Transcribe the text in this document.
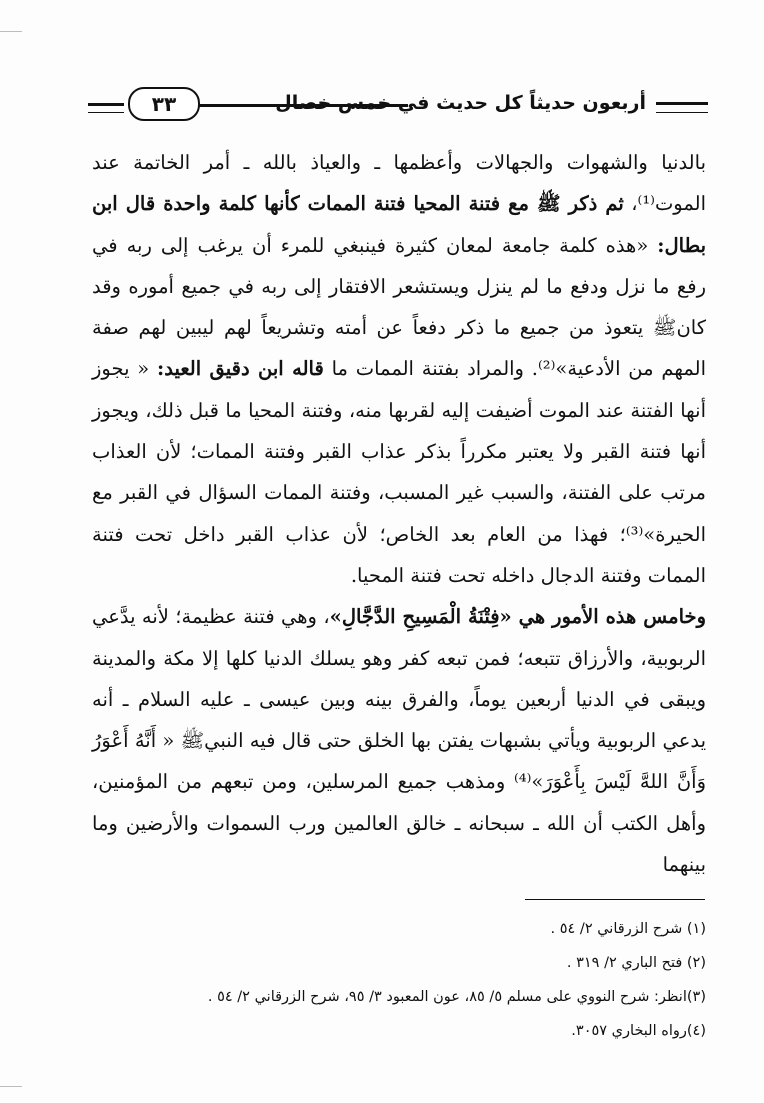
أربعون حديثاً كل حديث في خمس خصال
٣٣

بالدنيا والشهوات والجهالات وأعظمها ـ والعياذ بالله ـ أمر الخاتمة عند الموت⁽¹⁾، ثم ذكر ﷺ مع فتنة المحيا فتنة الممات كأنها كلمة واحدة قال ابن بطال: «هذه كلمة جامعة لمعان كثيرة فينبغي للمرء أن يرغب إلى ربه في رفع ما نزل ودفع ما لم ينزل ويستشعر الافتقار إلى ربه في جميع أموره وقد كانﷺ يتعوذ من جميع ما ذكر دفعاً عن أمته وتشريعاً لهم ليبين لهم صفة المهم من الأدعية»⁽²⁾. والمراد بفتنة الممات ما قاله ابن دقيق العيد: « يجوز أنها الفتنة عند الموت أضيفت إليه لقربها منه، وفتنة المحيا ما قبل ذلك، ويجوز أنها فتنة القبر ولا يعتبر مكرراً بذكر عذاب القبر وفتنة الممات؛ لأن العذاب مرتب على الفتنة، والسبب غير المسبب، وفتنة الممات السؤال في القبر مع الحيرة»⁽³⁾؛ فهذا من العام بعد الخاص؛ لأن عذاب القبر داخل تحت فتنة الممات وفتنة الدجال داخله تحت فتنة المحيا.

وخامس هذه الأمور هي «فِتْنَةُ الْمَسِيحِ الدَّجَّالِ»، وهي فتنة عظيمة؛ لأنه يدَّعي الربوبية، والأرزاق تتبعه؛ فمن تبعه كفر وهو يسلك الدنيا كلها إلا مكة والمدينة ويبقى في الدنيا أربعين يوماً، والفرق بينه وبين عيسى ـ عليه السلام ـ أنه يدعي الربوبية ويأتي بشبهات يفتن بها الخلق حتى قال فيه النبيﷺ « أَنَّهُ أَعْوَرُ وَأَنَّ اللهَّ لَيْسَ بِأَعْوَرَ»⁽⁴⁾ ومذهب جميع المرسلين، ومن تبعهم من المؤمنين، وأهل الكتب أن الله ـ سبحانه ـ خالق العالمين ورب السموات والأرضين وما بينهما

(١) شرح الزرقاني ٢/ ٥٤ .

(٢) فتح الباري ٢/ ٣١٩ .

(٣)انظر: شرح النووي على مسلم ٥/ ٨٥، عون المعبود ٣/ ٩٥، شرح الزرقاني ٢/ ٥٤ .

(٤)رواه البخاري ٣٠٥٧.
